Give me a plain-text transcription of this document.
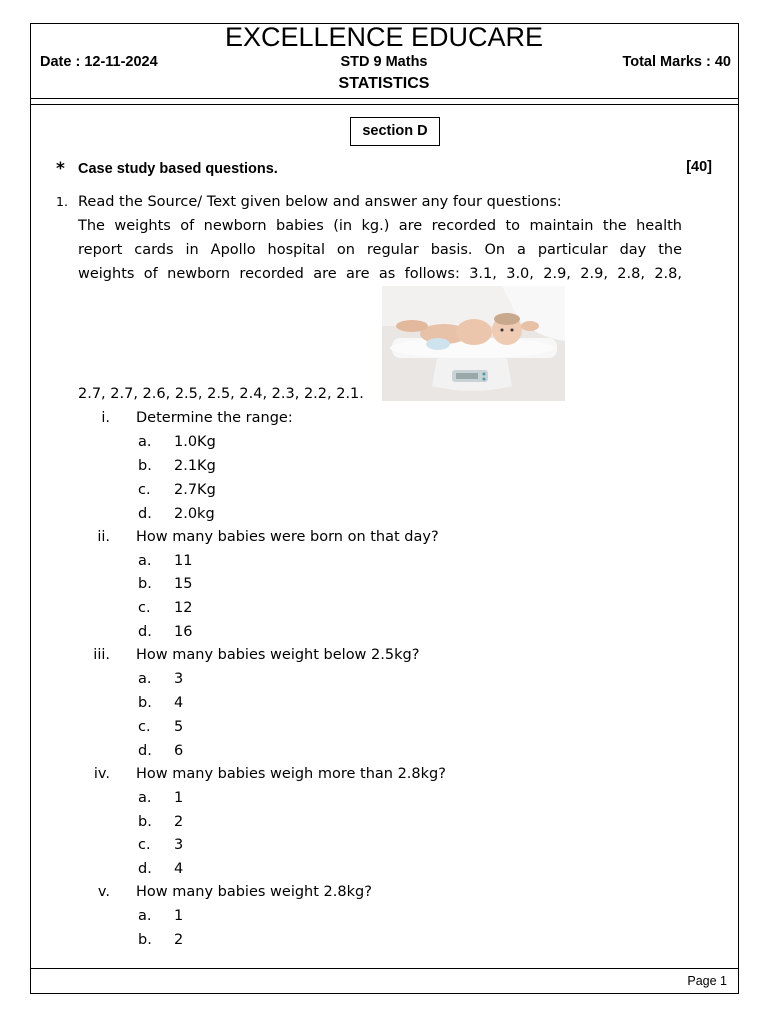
EXCELLENCE EDUCARE
Date : 12-11-2024	STD 9 Maths	Total Marks : 40
STATISTICS
section D
* Case study based questions.	[40]
1. Read the Source/ Text given below and answer any four questions:
The weights of newborn babies (in kg.) are recorded to maintain the health
report cards in Apollo hospital on regular basis. On a particular day the
weights of newborn recorded are are as follows: 3.1, 3.0, 2.9, 2.9, 2.8, 2.8,
2.7, 2.7, 2.6, 2.5, 2.5, 2.4, 2.3, 2.2, 2.1.
i. Determine the range:
a.	1.0Kg
b.	2.1Kg
c.	2.7Kg
d.	2.0kg
ii. How many babies were born on that day?
a.	11
b.	15
c.	12
d.	16
iii. How many babies weight below 2.5kg?
a.	3
b.	4
c.	5
d.	6
iv. How many babies weigh more than 2.8kg?
a.	1
b.	2
c.	3
d.	4
v. How many babies weight 2.8kg?
a.	1
b.	2
Page 1
